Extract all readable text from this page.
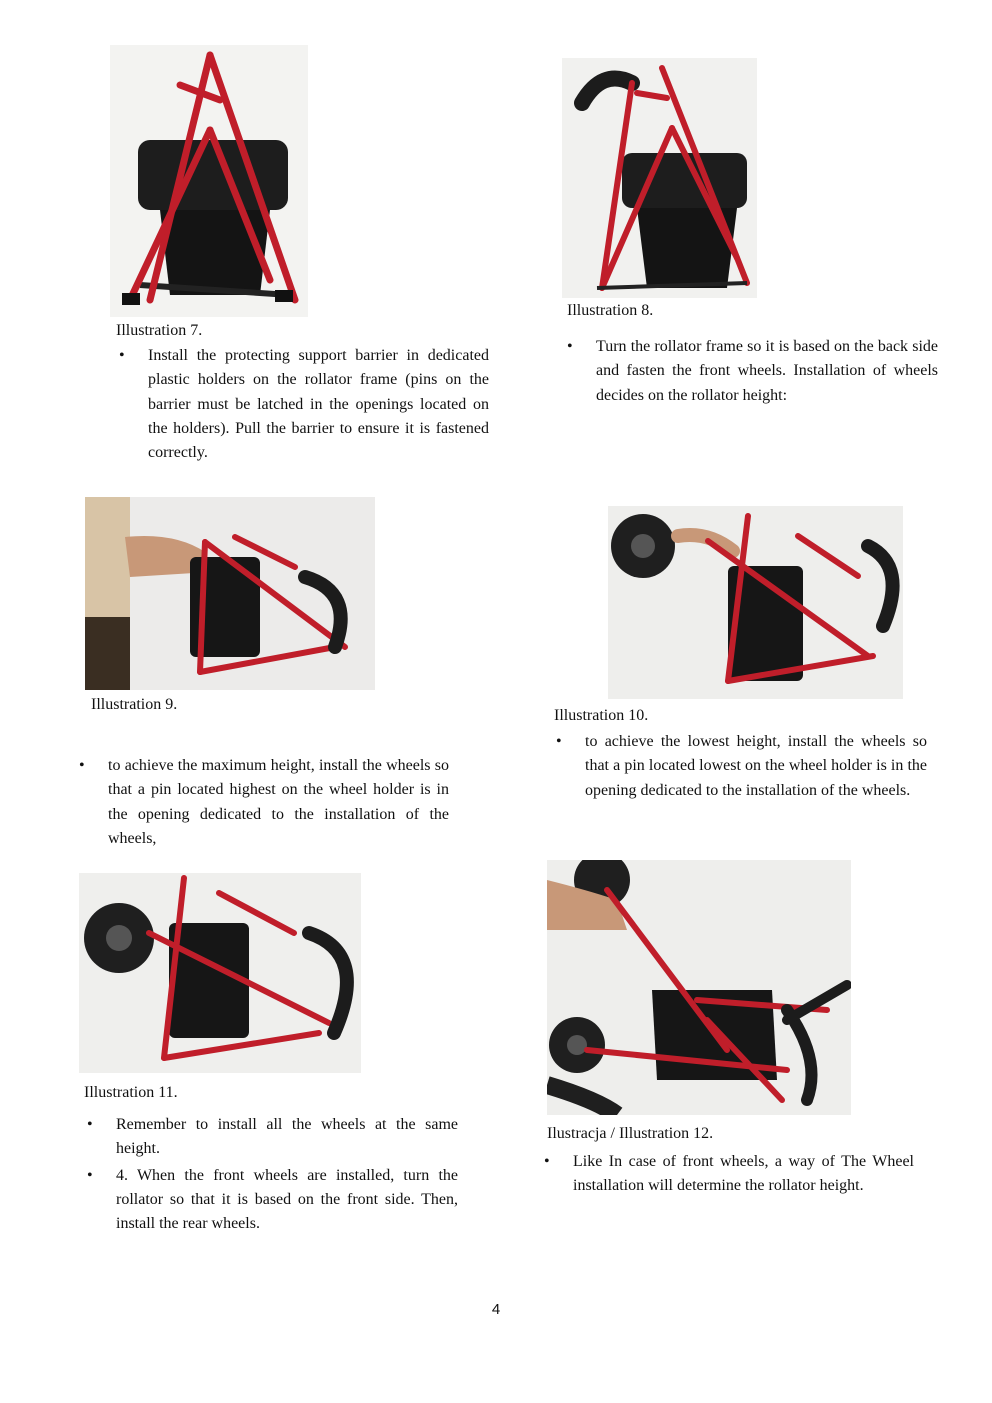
Illustration 7.
• Install the protecting support barrier in dedicated plastic holders on the rollator frame (pins on the barrier must be latched in the openings located on the holders). Pull the barrier to ensure it is fastened correctly.
Illustration 8.
• Turn the rollator frame so it is based on the back side and fasten the front wheels. Installation of wheels decides on the rollator height:
Illustration 9.
• to achieve the maximum height, install the wheels so that a pin located highest on the wheel holder is in the opening dedicated to the installation of the wheels,
Illustration 10.
• to achieve the lowest height, install the wheels so that a pin located lowest on the wheel holder is in the opening dedicated to the installation of the wheels.
Illustration 11.
• Remember to install all the wheels at the same height.
• 4. When the front wheels are installed, turn the rollator so that it is based on the front side. Then, install the rear wheels.
Ilustracja / Illustration 12.
• Like In case of front wheels, a way of The Wheel installation will determine the rollator height.
4
